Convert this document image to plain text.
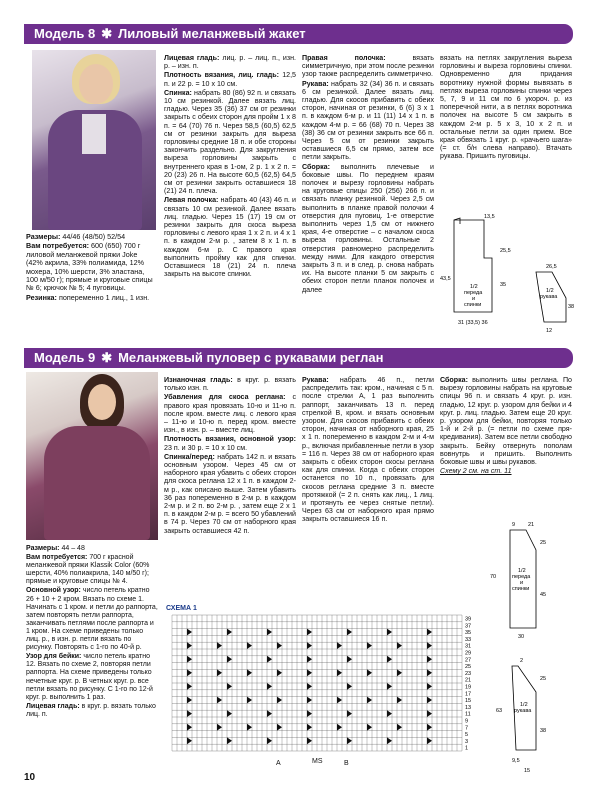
Модель 8 ✱ Лиловый меланжевый жакет

Размеры: 44/46 (48/50) 52/54

Вам потребуется: 600 (650) 700 г лиловой меланжевой пряжи Joke (42% акрила, 33% полиамида, 12% мохера, 10% шерсти, 3% эластана, 100 м/50 г); прямые и круговые спицы № 6; крючок № 5; 4 пуговицы.

Резинка: попеременно 1 лиц., 1 изн.

Лицевая гладь: лиц. р. – лиц. п., изн. р. – изн. п.

Плотность вязания, лиц. гладь: 12,5 п. и 22 р. = 10 х 10 см.

Спинка: набрать 80 (86) 92 п. и связать 10 см резинкой. Далее вязать лиц. гладью. Через 35 (36) 37 см от резинки закрыть с обеих сторон для пройм 1 х 8 п. = 64 (70) 76 п. Через 58,5 (60,5) 62,5 см от резинки закрыть для выреза горловины средние 18 п. и обе стороны закончить раздельно. Для закругления выреза горловины закрыть с внутреннего края в 1-ом, 2 р. 1 х 2 п. = 20 (23) 26 п. На высоте 60,5 (62,5) 64,5 см от резинки закрыть оставшиеся 18 (21) 24 п. плеча.

Левая полочка: набрать 40 (43) 46 п. и связать 10 см резинкой. Далее вязать лиц. гладью. Через 15 (17) 19 см от резинки закрыть для скоса выреза горловины с левого края 1 х 2 п. и 4 х 1 п. в каждом 2-м р. , затем 8 х 1 п. в каждом 6-м р. С правого края выполнить пройму как для спинки. Оставшиеся 18 (21) 24 п. плеча закрыть на высоте спинки.

Правая полочка:	вязать симметричную, при этом после резинки узор также распределить симметрично.

Рукава: набрать 32 (34) 36 п. и связать 6 см резинкой. Далее вязать лиц. гладью. Для скосов прибавить с обеих сторон, начиная от резинки, 6 (6) 3 х 1 п. в каждом 6-м р. и 11 (11) 14 х 1 п. в каждом 4-м р. = 66 (68) 70 п. Через 38 (38) 36 см от резинки закрыть все 66 п. Через 5 см от резинки закрыть оставшиеся 6,5 см прямо, затем все петли закрыть.

Сборка: выполнить плечевые и боковые швы. По переднем краям полочек и вырезу горловины набрать на круговые спицы 250 (256) 266 п. и связать планку резинкой. Через 2,5 см выполнить в планке правой полочки 4 отверстия для пуговиц. 1-е отверстие выполнить через 1,5 см от нижнего края, 4-е отверстие – с началом скоса выреза горловины. Остальные 2 отверстия равномерно распределить между ними. Для каждого отверстия закрыть 3 п. и в след. р. снова набрать их. На высоте планки 5 см закрыть с обеих сторон петли планок полочек и далее

вязать на петлях закругления выреза горловины и выреза горловины спинки. Одновременно для придания воротнику нужной формы вывязать в петлях выреза горловины спинки через 5, 7, 9 и 11 см по 6 укороч. р. из поперечной нити, а в петлях воротника полочек на высоте 5 см закрыть в каждом 2-м р. 5 х 3, 10 х 2 п. и остальные петли за один прием. Все края обвязать 1 круг. р. «рачьего шага» (= ст. б/н слева направо). Втачать рукава. Пришить пуговицы.

13,5
1/2 переда и спинки
43,5
25,5
35
31 (33,5) 36
1/2 рукава
26,5
38
12
Модель 9 ✱ Меланжевый пуловер с рукавами реглан

Размеры: 44 – 48

Вам потребуется: 700 г красной меланжевой пряжи Klassik Color (60% шерсти, 40% полиакрила, 140 м/50 г); прямые и круговые спицы № 4.

Основной узор: число петель кратно 26 + 10 + 2 кром. Вязать по схеме 1. Начинать с 1 кром. и петли до раппорта, затем повторять петли раппорта, заканчивать петлями после раппорта и 1 кром. На схеме приведены только лиц. р., в изн. р. петли вязать по рисунку. Повторять с 1-го по 40-й р.

Узор для бейки: число петель кратно 12. Вязать по схеме 2, повторяя петли раппорта. На схеме приведены только нечетные круг. р. В четных круг. р. все петли вязать по рисунку. С 1-го по 12-й круг. р. выполнить 1 раз.

Лицевая гладь: в круг. р. вязать только лиц. п.

Изнаночная гладь: в круг. р. вязать только изн. п.

Убавления для скоса реглана: с правого края провязать 10-ю и 11-ю п. после кром. вместе лиц. с левого края – 11-ю и 10-ю п. перед кром. вместе изн., в изн. р. – вместе лиц.

Плотность вязания, основной узор: 23 п. и 30 р. = 10 х 10 см.

Спинка/перед: набрать 142 п. и вязать основным узором. Через 45 см от наборного края убавить с обеих сторон для скоса реглана 12 х 1 п. в каждом 2-м р., как описано выше. Затем убавить 36 раз попеременно в 2-м р. в каждом 2-м р. и 2 п. во 2-м р. , затем еще 2 х 1 п. в каждом 2-м р. = всего 50 убавлений в 74 р. Через 70 см от наборного края закрыть оставшиеся 42 п.

Рукава: набрать 46 п., петли распределить так: кром., начиная с 5 п. после стрелки А, 1 раз выполнить раппорт, заканчивать 13 п. перед стрелкой В, кром. и вязать основным узором. Для скосов прибавить с обеих сторон, начиная от наборного края, 25 х 1 п. попеременно в каждом 2-м и 4-м р., включая прибавленные петли в узор = 116 п. Через 38 см от наборного края закрыть с обеих сторон скосы реглана как для спинки. Когда с обеих сторон останется по 10 п., провязать для скосов реглана средние 3 п. вместе протяжкой (= 2 п. снять как лиц., 1 лиц. и протянуть ее через снятые петли). Через 63 см от наборного края прямо закрыть оставшиеся 16 п.

Сборка: выполнить швы реглана. По вырезу горловины набрать на круговые спицы 96 п. и связать 4 круг. р. изн. гладью, 12 круг. р. узором для бейки и 4 круг. р. лиц. гладью. Затем еще 20 круг. р. узором для бейки, повторяя только 1-й и 2-й р. (= петли по схеме пря-кредивания). Затем все петли свободно закрыть. Бейку отвернуть пополам вовнутрь и пришить. Выполнить боковые швы и швы рукавов.

Схему 2 см. на ст. 11

СХЕМА 1
39
37
35
33
31
29
27
25
23
21
19
17
15
13
11
9
7
5
3
1
A	MS	B
9 21
25
70
45
30
1/2 переда и спинки
2
25
63
38
9,5
15
1/2 рукава
10
